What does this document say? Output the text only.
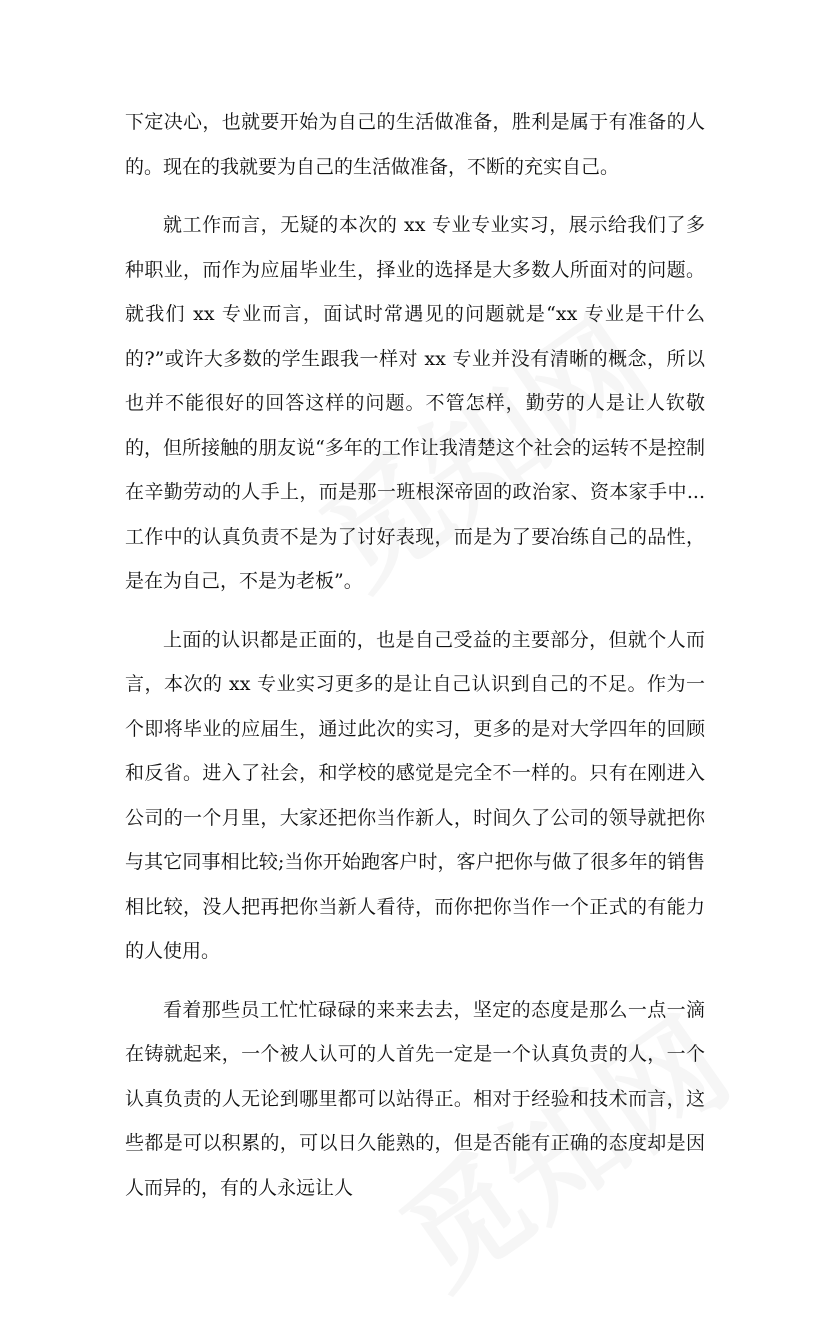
下定决心，也就要开始为自己的生活做准备，胜利是属于有准备的人的。现在的我就要为自己的生活做准备，不断的充实自己。

就工作而言，无疑的本次的 xx 专业专业实习，展示给我们了多种职业，而作为应届毕业生，择业的选择是大多数人所面对的问题。就我们 xx 专业而言，面试时常遇见的问题就是“xx 专业是干什么的?”或许大多数的学生跟我一样对 xx 专业并没有清晰的概念，所以也并不能很好的回答这样的问题。不管怎样，勤劳的人是让人钦敬的，但所接触的朋友说“多年的工作让我清楚这个社会的运转不是控制在辛勤劳动的人手上，而是那一班根深帝固的政治家、资本家手中...工作中的认真负责不是为了讨好表现，而是为了要冶练自己的品性，是在为自己，不是为老板”。

上面的认识都是正面的，也是自己受益的主要部分，但就个人而言，本次的 xx 专业实习更多的是让自己认识到自己的不足。作为一个即将毕业的应届生，通过此次的实习，更多的是对大学四年的回顾和反省。进入了社会，和学校的感觉是完全不一样的。只有在刚进入公司的一个月里，大家还把你当作新人，时间久了公司的领导就把你与其它同事相比较;当你开始跑客户时，客户把你与做了很多年的销售相比较，没人把再把你当新人看待，而你把你当作一个正式的有能力的人使用。

看着那些员工忙忙碌碌的来来去去，坚定的态度是那么一点一滴在铸就起来，一个被人认可的人首先一定是一个认真负责的人，一个认真负责的人无论到哪里都可以站得正。相对于经验和技术而言，这些都是可以积累的，可以日久能熟的，但是否能有正确的态度却是因人而异的，有的人永远让人
